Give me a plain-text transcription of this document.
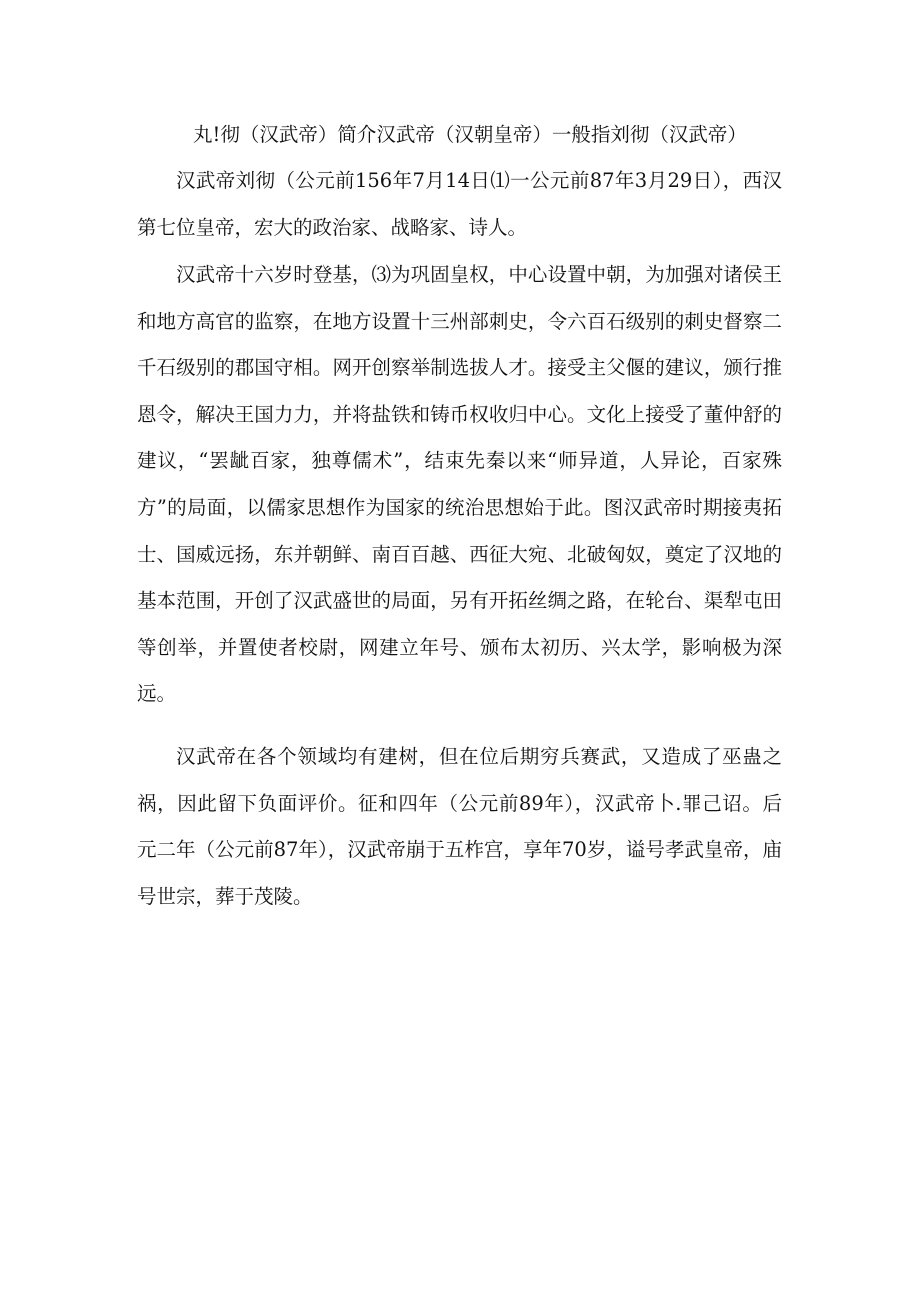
丸!彻（汉武帝）简介汉武帝（汉朝皇帝）一般指刘彻（汉武帝）

汉武帝刘彻（公元前156年7月14日⑴一公元前87年3月29日），西汉第七位皇帝，宏大的政治家、战略家、诗人。

汉武帝十六岁时登基，⑶为巩固皇权，中心设置中朝，为加强对诸侯王和地方高官的监察，在地方设置十三州部刺史，令六百石级别的刺史督察二千石级别的郡国守相。网开创察举制选拔人才。接受主父偃的建议，颁行推恩令，解决王国力力，并将盐铁和铸币权收归中心。文化上接受了董仲舒的建议，“罢龇百家，独尊儒术”，结束先秦以来“师异道，人异论，百家殊方”的局面，以儒家思想作为国家的统治思想始于此。图汉武帝时期接夷拓士、国威远扬，东并朝鲜、南百百越、西征大宛、北破匈奴，奠定了汉地的基本范围，开创了汉武盛世的局面，另有开拓丝绸之路，在轮台、渠犁屯田等创举，并置使者校尉，网建立年号、颁布太初历、兴太学，影响极为深远。

汉武帝在各个领域均有建树，但在位后期穷兵赛武，又造成了巫蛊之祸，因此留下负面评价。征和四年（公元前89年），汉武帝卜.罪己诏。后元二年（公元前87年），汉武帝崩于五柞宫，享年70岁，谥号孝武皇帝，庙号世宗，葬于茂陵。
